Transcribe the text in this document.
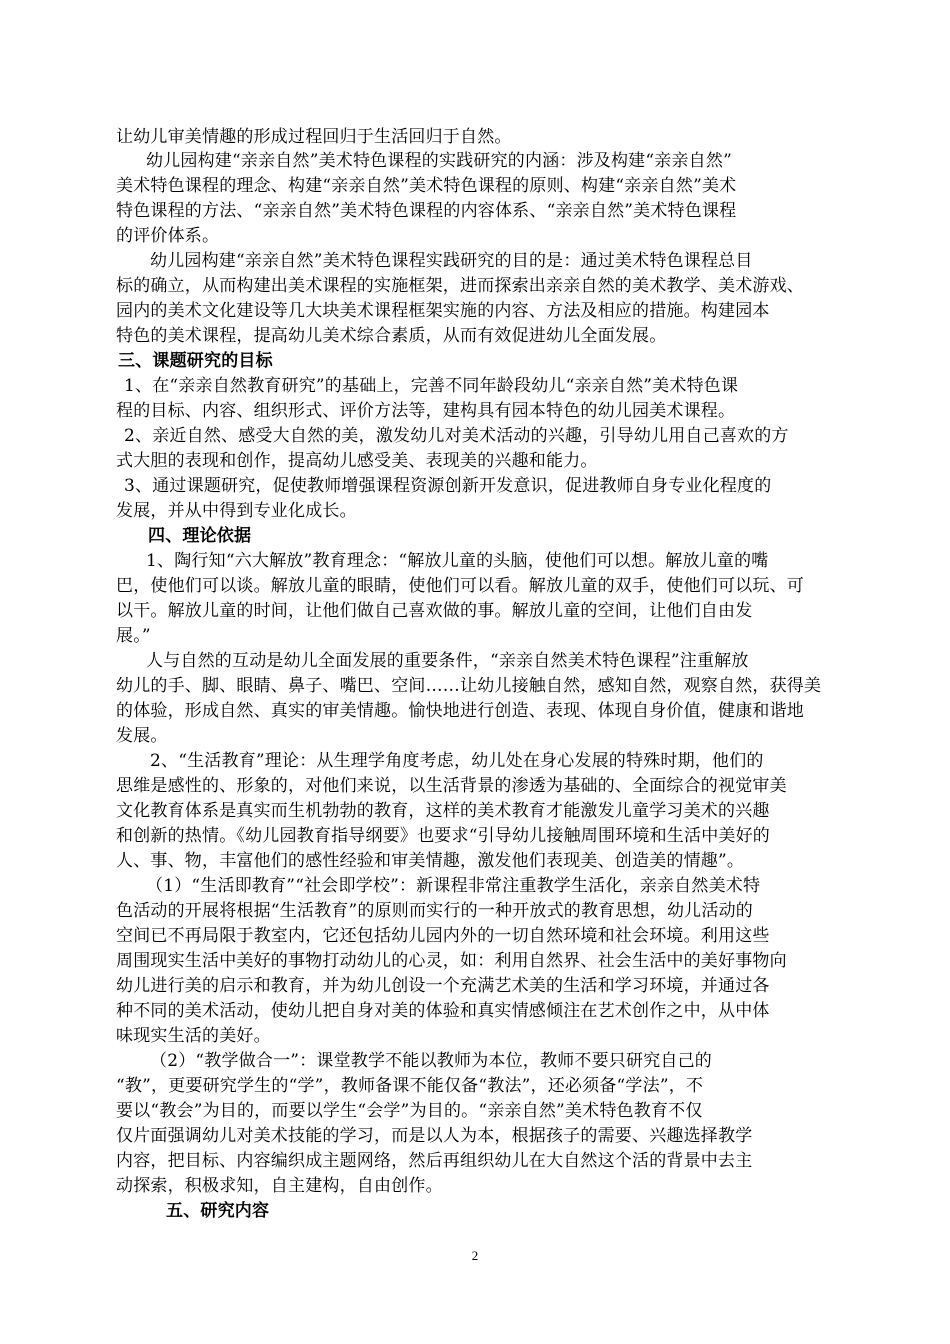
让幼儿审美情趣的形成过程回归于生活回归于自然。
幼儿园构建“亲亲自然”美术特色课程的实践研究的内涵：涉及构建“亲亲自然”
美术特色课程的理念、构建“亲亲自然”美术特色课程的原则、构建“亲亲自然”美术
特色课程的方法、“亲亲自然”美术特色课程的内容体系、“亲亲自然”美术特色课程
的评价体系。
幼儿园构建“亲亲自然”美术特色课程实践研究的目的是：通过美术特色课程总目
标的确立，从而构建出美术课程的实施框架，进而探索出亲亲自然的美术教学、美术游戏、
园内的美术文化建设等几大块美术课程框架实施的内容、方法及相应的措施。构建园本
特色的美术课程，提高幼儿美术综合素质，从而有效促进幼儿全面发展。
三、课题研究的目标
1、在“亲亲自然教育研究”的基础上，完善不同年龄段幼儿“亲亲自然”美术特色课
程的目标、内容、组织形式、评价方法等，建构具有园本特色的幼儿园美术课程。
2、亲近自然、感受大自然的美，激发幼儿对美术活动的兴趣，引导幼儿用自己喜欢的方
式大胆的表现和创作，提高幼儿感受美、表现美的兴趣和能力。
3、通过课题研究，促使教师增强课程资源创新开发意识，促进教师自身专业化程度的
发展，并从中得到专业化成长。
四、理论依据
1、陶行知“六大解放”教育理念：“解放儿童的头脑，使他们可以想。解放儿童的嘴
巴，使他们可以谈。解放儿童的眼睛，使他们可以看。解放儿童的双手，使他们可以玩、可
以干。解放儿童的时间，让他们做自己喜欢做的事。解放儿童的空间，让他们自由发
展。”
人与自然的互动是幼儿全面发展的重要条件，“亲亲自然美术特色课程”注重解放
幼儿的手、脚、眼睛、鼻子、嘴巴、空间……让幼儿接触自然，感知自然，观察自然，获得美
的体验，形成自然、真实的审美情趣。愉快地进行创造、表现、体现自身价值，健康和谐地
发展。
2、“生活教育”理论：从生理学角度考虑，幼儿处在身心发展的特殊时期，他们的
思维是感性的、形象的，对他们来说，以生活背景的渗透为基础的、全面综合的视觉审美
文化教育体系是真实而生机勃勃的教育，这样的美术教育才能激发儿童学习美术的兴趣
和创新的热情。《幼儿园教育指导纲要》也要求“引导幼儿接触周围环境和生活中美好的
人、事、物，丰富他们的感性经验和审美情趣，激发他们表现美、创造美的情趣”。
（1）“生活即教育”“社会即学校”：新课程非常注重教学生活化，亲亲自然美术特
色活动的开展将根据“生活教育”的原则而实行的一种开放式的教育思想，幼儿活动的
空间已不再局限于教室内，它还包括幼儿园内外的一切自然环境和社会环境。利用这些
周围现实生活中美好的事物打动幼儿的心灵，如：利用自然界、社会生活中的美好事物向
幼儿进行美的启示和教育，并为幼儿创设一个充满艺术美的生活和学习环境，并通过各
种不同的美术活动，使幼儿把自身对美的体验和真实情感倾注在艺术创作之中，从中体
味现实生活的美好。
（2）“教学做合一”：课堂教学不能以教师为本位，教师不要只研究自己的
“教”，更要研究学生的“学”，教师备课不能仅备“教法”，还必须备“学法”，不
要以“教会”为目的，而要以学生“会学”为目的。“亲亲自然”美术特色教育不仅
仅片面强调幼儿对美术技能的学习，而是以人为本，根据孩子的需要、兴趣选择教学
内容，把目标、内容编织成主题网络，然后再组织幼儿在大自然这个活的背景中去主
动探索，积极求知，自主建构，自由创作。
五、研究内容
2
